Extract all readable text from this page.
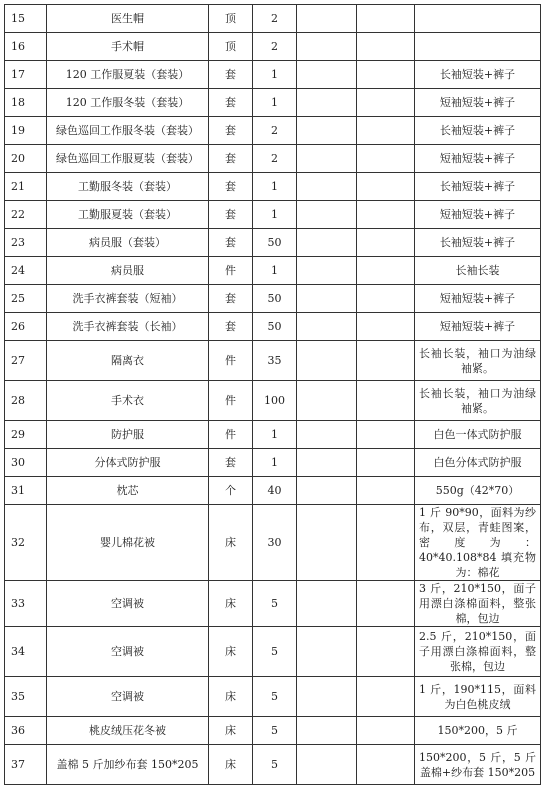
15	医生帽	顶	2			
16	手术帽	顶	2			
17	120 工作服夏装（套装）	套	1			长袖短装+裤子
18	120 工作服冬装（套装）	套	1			短袖短装+裤子
19	绿色巡回工作服冬装（套装）	套	2			长袖短装+裤子
20	绿色巡回工作服夏装（套装）	套	2			短袖短装+裤子
21	工勤服冬装（套装）	套	1			长袖短装+裤子
22	工勤服夏装（套装）	套	1			短袖短装+裤子
23	病员服（套装）	套	50			长袖短装+裤子
24	病员服	件	1			长袖长装
25	洗手衣裤套装（短袖）	套	50			短袖短装+裤子
26	洗手衣裤套装（长袖）	套	50			短袖短装+裤子
27	隔离衣	件	35			长袖长装，袖口为油绿袖紧。
28	手术衣	件	100			长袖长装，袖口为油绿袖紧。
29	防护服	件	1			白色一体式防护服
30	分体式防护服	套	1			白色分体式防护服
31	枕芯	个	40			550g（42*70）
32	婴儿棉花被	床	30			1 斤 90*90，面料为纱布，双层，青蛙图案，密度为：40*40.108*84 填充物为：棉花
33	空调被	床	5			3 斤，210*150，面子用漂白涤棉面料，整张棉，包边
34	空调被	床	5			2.5 斤，210*150，面子用漂白涤棉面料，整张棉，包边
35	空调被	床	5			1 斤，190*115，面料为白色桃皮绒
36	桃皮绒压花冬被	床	5			150*200，5 斤
37	盖棉 5 斤加纱布套 150*205	床	5			150*200，5 斤，5 斤盖棉+纱布套 150*205
